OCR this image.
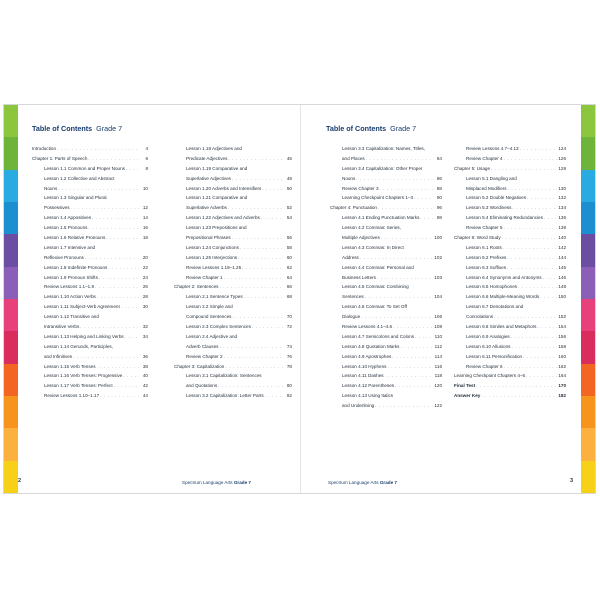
Table of Contents Grade 7
Introduction . . .	4
Chapter 1: Parts of Speech . . .	6
Lesson 1.1 Common and Proper Nouns . . .	8
Lesson 1.2 Collective and Abstract
Nouns . . .	10
Lesson 1.3 Singular and Plural
Possessives . . .	12
Lesson 1.4 Appositives . . .	14
Lesson 1.5 Pronouns . . .	16
Lesson 1.6 Relative Pronouns . . .	18
Lesson 1.7 Intensive and
Reflexive Pronouns . . .	20
Lesson 1.8 Indefinite Pronouns . . .	22
Lesson 1.9 Pronoun Shifts . . .	24
Review Lessons 1.1–1.9 . . .	26
Lesson 1.10 Action Verbs . . .	28
Lesson 1.11 Subject-Verb Agreement . . .	30
Lesson 1.12 Transitive and
Intransitive Verbs . . .	32
Lesson 1.13 Helping and Linking Verbs . . .	34
Lesson 1.14 Gerunds, Participles,
and Infinitives . . .	36
Lesson 1.15 Verb Tenses . . .	38
Lesson 1.16 Verb Tenses: Progressive . . .	40
Lesson 1.17 Verb Tenses: Perfect . . .	42
Review Lessons 1.10–1.17 . . .	44
Lesson 1.18 Adjectives and
Predicate Adjectives . . .	46
Lesson 1.19 Comparative and
Superlative Adjectives . . .	48
Lesson 1.20 Adverbs and Intensifiers . . .	50
Lesson 1.21 Comparative and
Superlative Adverbs . . .	52
Lesson 1.22 Adjectives and Adverbs . . .	54
Lesson 1.23 Prepositions and
Prepositional Phrases . . .	56
Lesson 1.24 Conjunctions . . .	58
Lesson 1.25 Interjections . . .	60
Review Lessons 1.18–1.25 . . .	62
Review Chapter 1 . . .	64
Chapter 2: Sentences . . .	66
Lesson 2.1 Sentence Types . . .	68
Lesson 2.2 Simple and
Compound Sentences . . .	70
Lesson 2.3 Complex Sentences . . .	72
Lesson 2.4 Adjective and
Adverb Clauses . . .	74
Review Chapter 2 . . .	76
Chapter 3: Capitalization . . .	78
Lesson 3.1 Capitalization: Sentences
and Quotations . . .	80
Lesson 3.2 Capitalization: Letter Parts . . .	82
2	Spectrum Language Arts Grade 7
Table of Contents Grade 7
Lesson 3.3 Capitalization: Names, Titles,
and Places . . .	84
Lesson 3.4 Capitalization: Other Proper
Nouns . . .	86
Review Chapter 3 . . .	88
Learning Checkpoint Chapters 1–3 . . .	90
Chapter 4: Punctuation . . .	96
Lesson 4.1 Ending Punctuation Marks . . .	98
Lesson 4.2 Commas: Series,
Multiple Adjectives . . .	100
Lesson 4.3 Commas: In Direct
Address . . .	102
Lesson 4.4 Commas: Personal and
Business Letters . . .	103
Lesson 4.5 Commas: Combining
Sentences . . .	104
Lesson 4.6 Commas: To Set Off
Dialogue . . .	106
Review Lessons 4.1–4.6 . . .	108
Lesson 4.7 Semicolons and Colons . . .	110
Lesson 4.8 Quotation Marks . . .	112
Lesson 4.9 Apostrophes . . .	114
Lesson 4.10 Hyphens . . .	116
Lesson 4.11 Dashes . . .	118
Lesson 4.12 Parentheses . . .	120
Lesson 4.13 Using Italics
and Underlining . . .	122
Review Lessons 4.7–4.13 . . .	124
Review Chapter 4 . . .	126
Chapter 5: Usage . . .	128
Lesson 5.1 Dangling and
Misplaced Modifiers . . .	130
Lesson 5.2 Double Negatives . . .	132
Lesson 5.3 Wordiness . . .	134
Lesson 5.4 Eliminating Redundancies . . .	136
Review Chapter 5 . . .	138
Chapter 6: Word Study . . .	140
Lesson 6.1 Roots . . .	142
Lesson 6.2 Prefixes . . .	144
Lesson 6.3 Suffixes . . .	145
Lesson 6.4 Synonyms and Antonyms . . .	146
Lesson 6.5 Homophones . . .	148
Lesson 6.6 Multiple-Meaning Words . . .	150
Lesson 6.7 Denotations and
Connotations . . .	152
Lesson 6.8 Similes and Metaphors . . .	154
Lesson 6.9 Analogies . . .	156
Lesson 6.10 Allusions . . .	158
Lesson 6.11 Personification . . .	160
Review Chapter 6 . . .	162
Learning Checkpoint Chapters 4–6 . . .	164
Final Test . . .	170
Answer Key . . .	182
3
Spectrum Language Arts Grade 7
